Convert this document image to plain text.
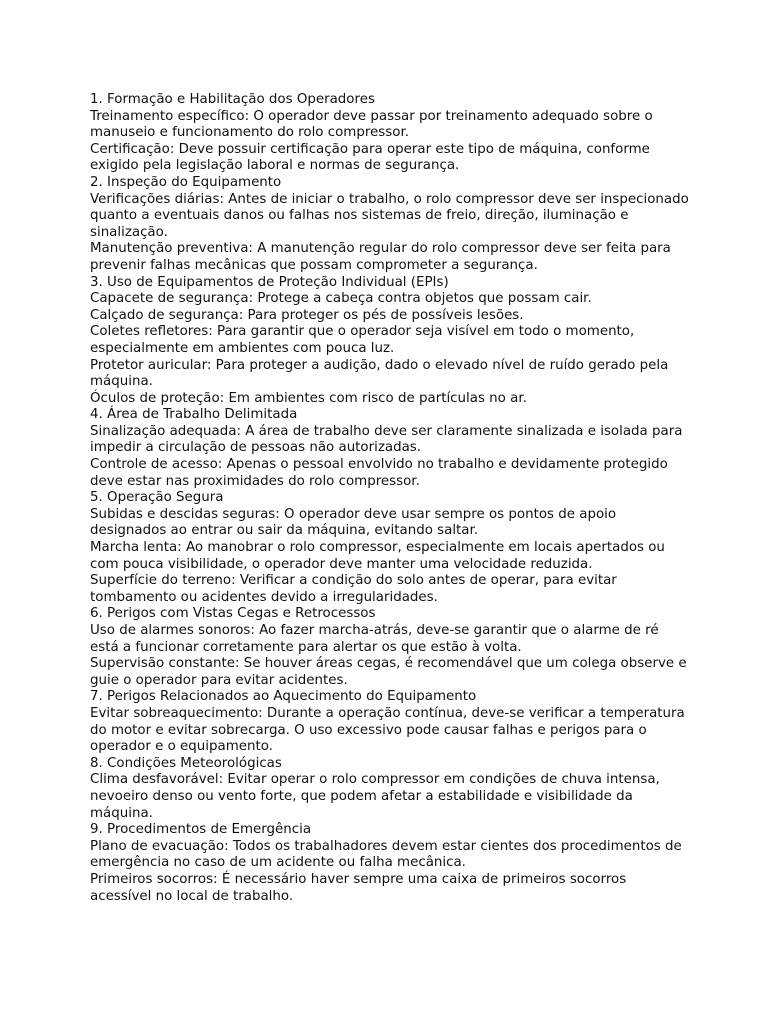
1. Formação e Habilitação dos Operadores

Treinamento específico: O operador deve passar por treinamento adequado sobre o manuseio e funcionamento do rolo compressor.

Certificação: Deve possuir certificação para operar este tipo de máquina, conforme exigido pela legislação laboral e normas de segurança.

2. Inspeção do Equipamento

Verificações diárias: Antes de iniciar o trabalho, o rolo compressor deve ser inspecionado quanto a eventuais danos ou falhas nos sistemas de freio, direção, iluminação e sinalização.

Manutenção preventiva: A manutenção regular do rolo compressor deve ser feita para prevenir falhas mecânicas que possam comprometer a segurança.

3. Uso de Equipamentos de Proteção Individual (EPIs)

Capacete de segurança: Protege a cabeça contra objetos que possam cair.

Calçado de segurança: Para proteger os pés de possíveis lesões.

Coletes refletores: Para garantir que o operador seja visível em todo o momento, especialmente em ambientes com pouca luz.

Protetor auricular: Para proteger a audição, dado o elevado nível de ruído gerado pela máquina.

Óculos de proteção: Em ambientes com risco de partículas no ar.

4. Área de Trabalho Delimitada

Sinalização adequada: A área de trabalho deve ser claramente sinalizada e isolada para impedir a circulação de pessoas não autorizadas.

Controle de acesso: Apenas o pessoal envolvido no trabalho e devidamente protegido deve estar nas proximidades do rolo compressor.

5. Operação Segura

Subidas e descidas seguras: O operador deve usar sempre os pontos de apoio designados ao entrar ou sair da máquina, evitando saltar.

Marcha lenta: Ao manobrar o rolo compressor, especialmente em locais apertados ou com pouca visibilidade, o operador deve manter uma velocidade reduzida.

Superfície do terreno: Verificar a condição do solo antes de operar, para evitar tombamento ou acidentes devido a irregularidades.

6. Perigos com Vistas Cegas e Retrocessos

Uso de alarmes sonoros: Ao fazer marcha-atrás, deve-se garantir que o alarme de ré está a funcionar corretamente para alertar os que estão à volta.

Supervisão constante: Se houver áreas cegas, é recomendável que um colega observe e guie o operador para evitar acidentes.

7. Perigos Relacionados ao Aquecimento do Equipamento

Evitar sobreaquecimento: Durante a operação contínua, deve-se verificar a temperatura do motor e evitar sobrecarga. O uso excessivo pode causar falhas e perigos para o operador e o equipamento.

8. Condições Meteorológicas

Clima desfavorável: Evitar operar o rolo compressor em condições de chuva intensa, nevoeiro denso ou vento forte, que podem afetar a estabilidade e visibilidade da máquina.

9. Procedimentos de Emergência

Plano de evacuação: Todos os trabalhadores devem estar cientes dos procedimentos de emergência no caso de um acidente ou falha mecânica.

Primeiros socorros: É necessário haver sempre uma caixa de primeiros socorros acessível no local de trabalho.
